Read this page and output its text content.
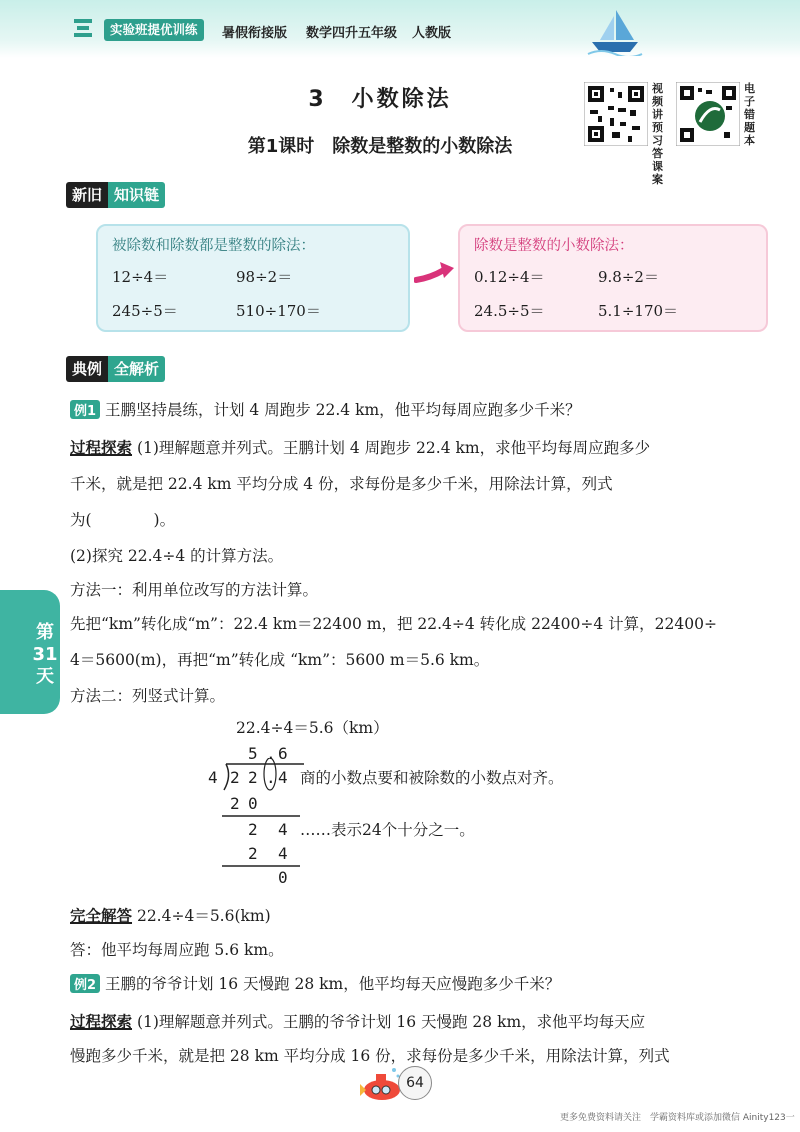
实验班提优训练	暑假衔接版 数学四升五年级 人教版
3　小数除法
第1课时　除数是整数的小数除法
视频讲预习答课案
电子错题本
新旧 知识链
被除数和除数都是整数的除法：
12÷4＝	98÷2＝
245÷5＝	510÷170＝
除数是整数的小数除法：
0.12÷4＝	9.8÷2＝
24.5÷5＝	5.1÷170＝
典例 全解析
例1 王鹏坚持晨练，计划 4 周跑步 22.4 km，他平均每周应跑多少千米？
过程探索 (1)理解题意并列式。王鹏计划 4 周跑步 22.4 km，求他平均每周应跑多少
千米，就是把 22.4 km 平均分成 4 份，求每份是多少千米，用除法计算，列式
为(　　　　)。
(2)探究 22.4÷4 的计算方法。
方法一：利用单位改写的方法计算。
先把“km”转化成“m”：22.4 km＝22400 m，把 22.4÷4 转化成 22400÷4 计算，22400÷
4＝5600(m)，再把“m”转化成 “km”：5600 m＝5.6 km。
方法二：列竖式计算。
第
31
天
22.4÷4＝5.6（km）
5 . 6
4 2 2 . 4 商的小数点要和被除数的小数点对齐。
2 0
2 4 ……表示24个十分之一。
2 4
0
完全解答 22.4÷4＝5.6(km)
答：他平均每周应跑 5.6 km。
例2 王鹏的爷爷计划 16 天慢跑 28 km，他平均每天应慢跑多少千米？
过程探索 (1)理解题意并列式。王鹏的爷爷计划 16 天慢跑 28 km，求他平均每天应
慢跑多少千米，就是把 28 km 平均分成 16 份，求每份是多少千米，用除法计算，列式
64
更多免费资料请关注　学霸资料库或添加微信 Ainity123一
